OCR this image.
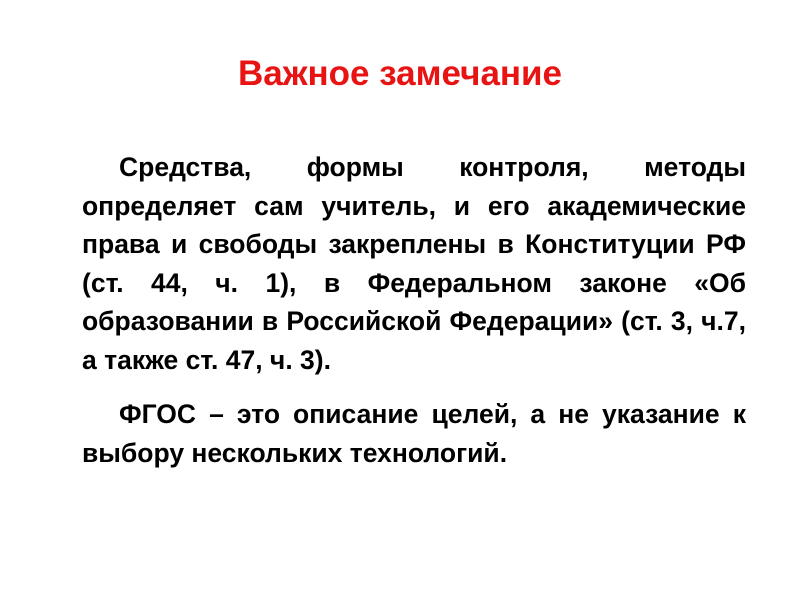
Важное замечание

Средства, формы контроля, методы определяет сам учитель, и его академические права и свободы закреплены в Конституции РФ (ст. 44, ч. 1), в Федеральном законе «Об образовании в Российской Федерации» (ст. 3, ч.7, а также ст. 47, ч. 3).

ФГОС – это описание целей, а не указание к выбору нескольких технологий.
